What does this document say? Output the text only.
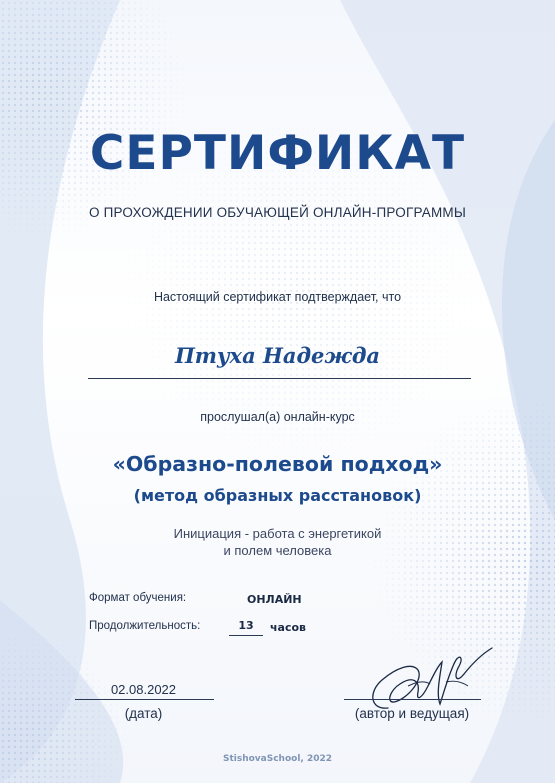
СЕРТИФИКАТ
О ПРОХОЖДЕНИИ ОБУЧАЮЩЕЙ ОНЛАЙН-ПРОГРАММЫ
Настоящий сертификат подтверждает, что
Птуха Надежда
прослушал(а) онлайн-курс
«Образно-полевой подход»
(метод образных расстановок)
Инициация - работа с энергетикой
и полем человека
Формат обучения:	ОНЛАЙН
Продолжительность:	13	часов
02.08.2022
(дата)	(автор и ведущая)
StishovaSchool, 2022
